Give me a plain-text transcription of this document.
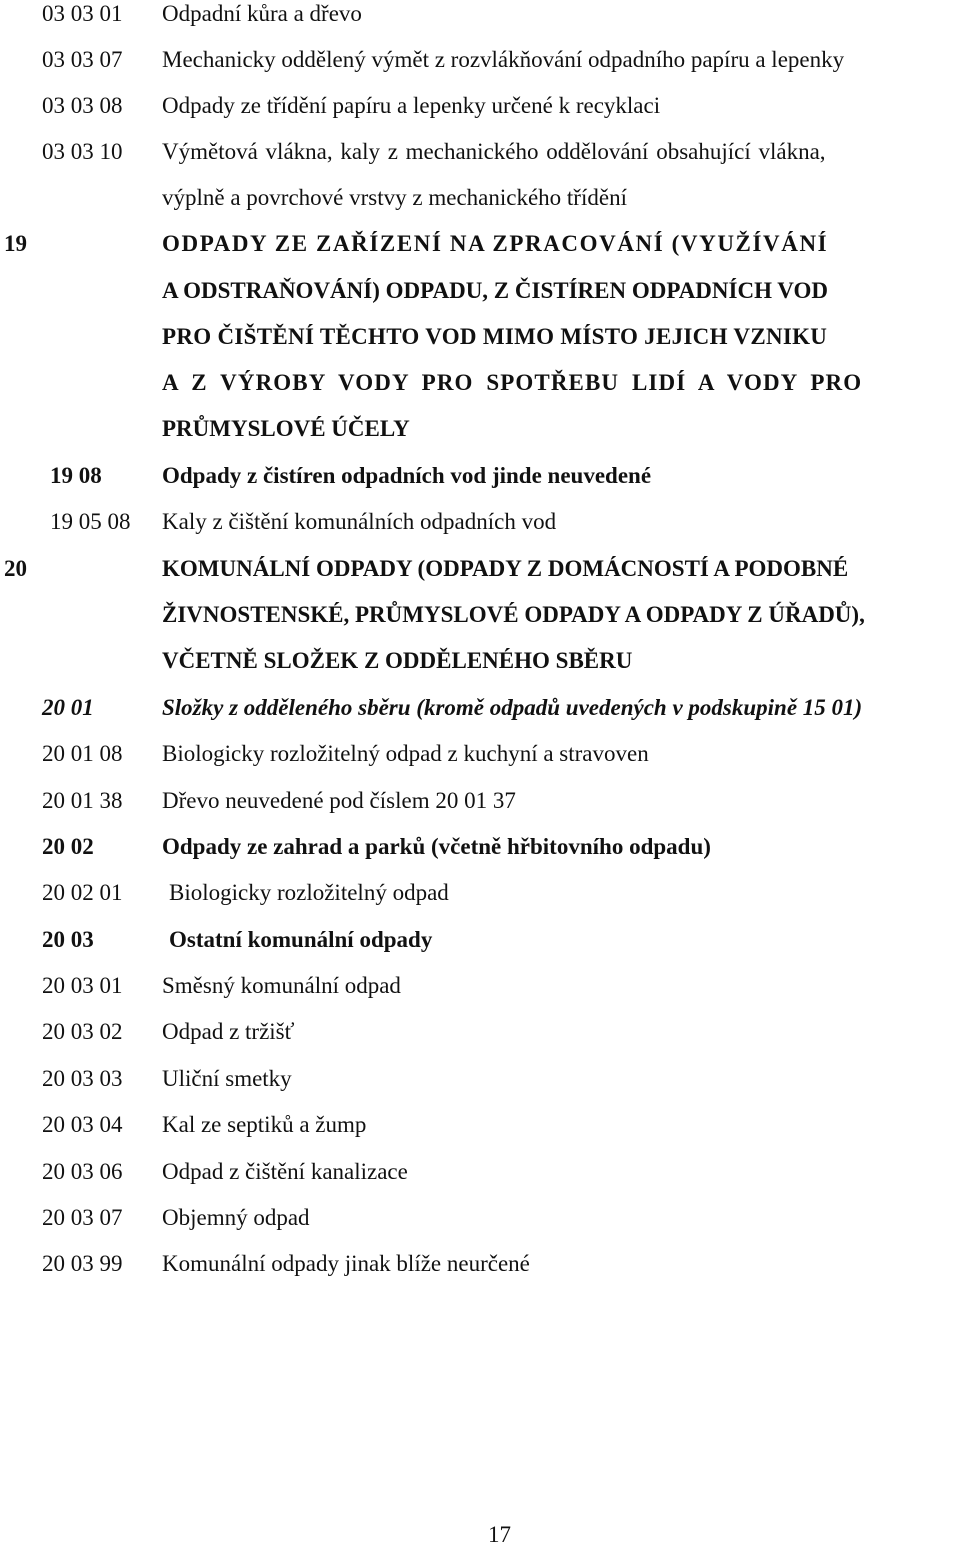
03 03 01 Odpadní kůra a dřevo
03 03 07 Mechanicky oddělený výmět z rozvlákňování odpadního papíru a lepenky
03 03 08 Odpady ze třídění papíru a lepenky určené k recyklaci
03 03 10 Výmětová vlákna, kaly z mechanického oddělování obsahující vlákna,
výplně a povrchové vrstvy z mechanického třídění
19	ODPADY ZE ZAŘÍZENÍ NA ZPRACOVÁNÍ (VYUŽÍVÁNÍ
A ODSTRAŇOVÁNÍ) ODPADU, Z ČISTÍREN ODPADNÍCH VOD
PRO ČIŠTĚNÍ TĚCHTO VOD MIMO MÍSTO JEJICH VZNIKU
A Z VÝROBY VODY PRO SPOTŘEBU LIDÍ A VODY PRO
PRŮMYSLOVÉ ÚČELY
19 08	Odpady z čistíren odpadních vod jinde neuvedené
19 05 08 Kaly z čištění komunálních odpadních vod
20	KOMUNÁLNÍ ODPADY (ODPADY Z DOMÁCNOSTÍ A PODOBNÉ
ŽIVNOSTENSKÉ, PRŮMYSLOVÉ ODPADY A ODPADY Z ÚŘADŮ),
VČETNĚ SLOŽEK Z ODDĚLENÉHO SBĚRU
20 01	Složky z odděleného sběru (kromě odpadů uvedených v podskupině 15 01)
20 01 08 Biologicky rozložitelný odpad z kuchyní a stravoven
20 01 38 Dřevo neuvedené pod číslem 20 01 37
20 02	Odpady ze zahrad a parků (včetně hřbitovního odpadu)
20 02 01 Biologicky rozložitelný odpad
20 03	Ostatní komunální odpady
20 03 01 Směsný komunální odpad
20 03 02 Odpad z tržišť
20 03 03 Uliční smetky
20 03 04 Kal ze septiků a žump
20 03 06 Odpad z čištění kanalizace
20 03 07 Objemný odpad
20 03 99 Komunální odpady jinak blíže neurčené
17
